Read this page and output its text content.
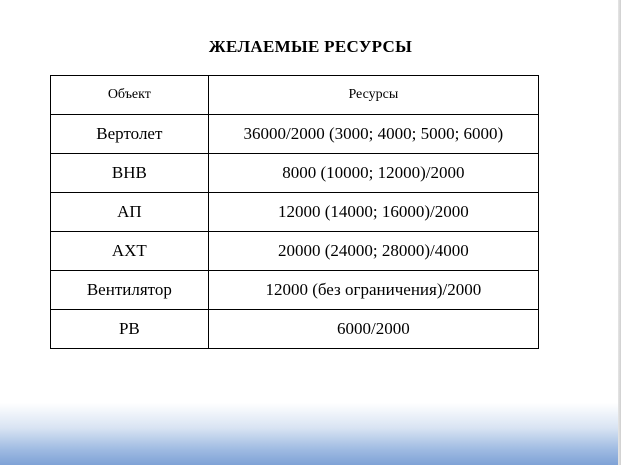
ЖЕЛАЕМЫЕ РЕСУРСЫ
Объект	Ресурсы
Вертолет	36000/2000 (3000; 4000; 5000; 6000)
ВНВ	8000 (10000; 12000)/2000
АП	12000 (14000; 16000)/2000
АХТ	20000 (24000; 28000)/4000
Вентилятор	12000 (без ограничения)/2000
РВ	6000/2000
